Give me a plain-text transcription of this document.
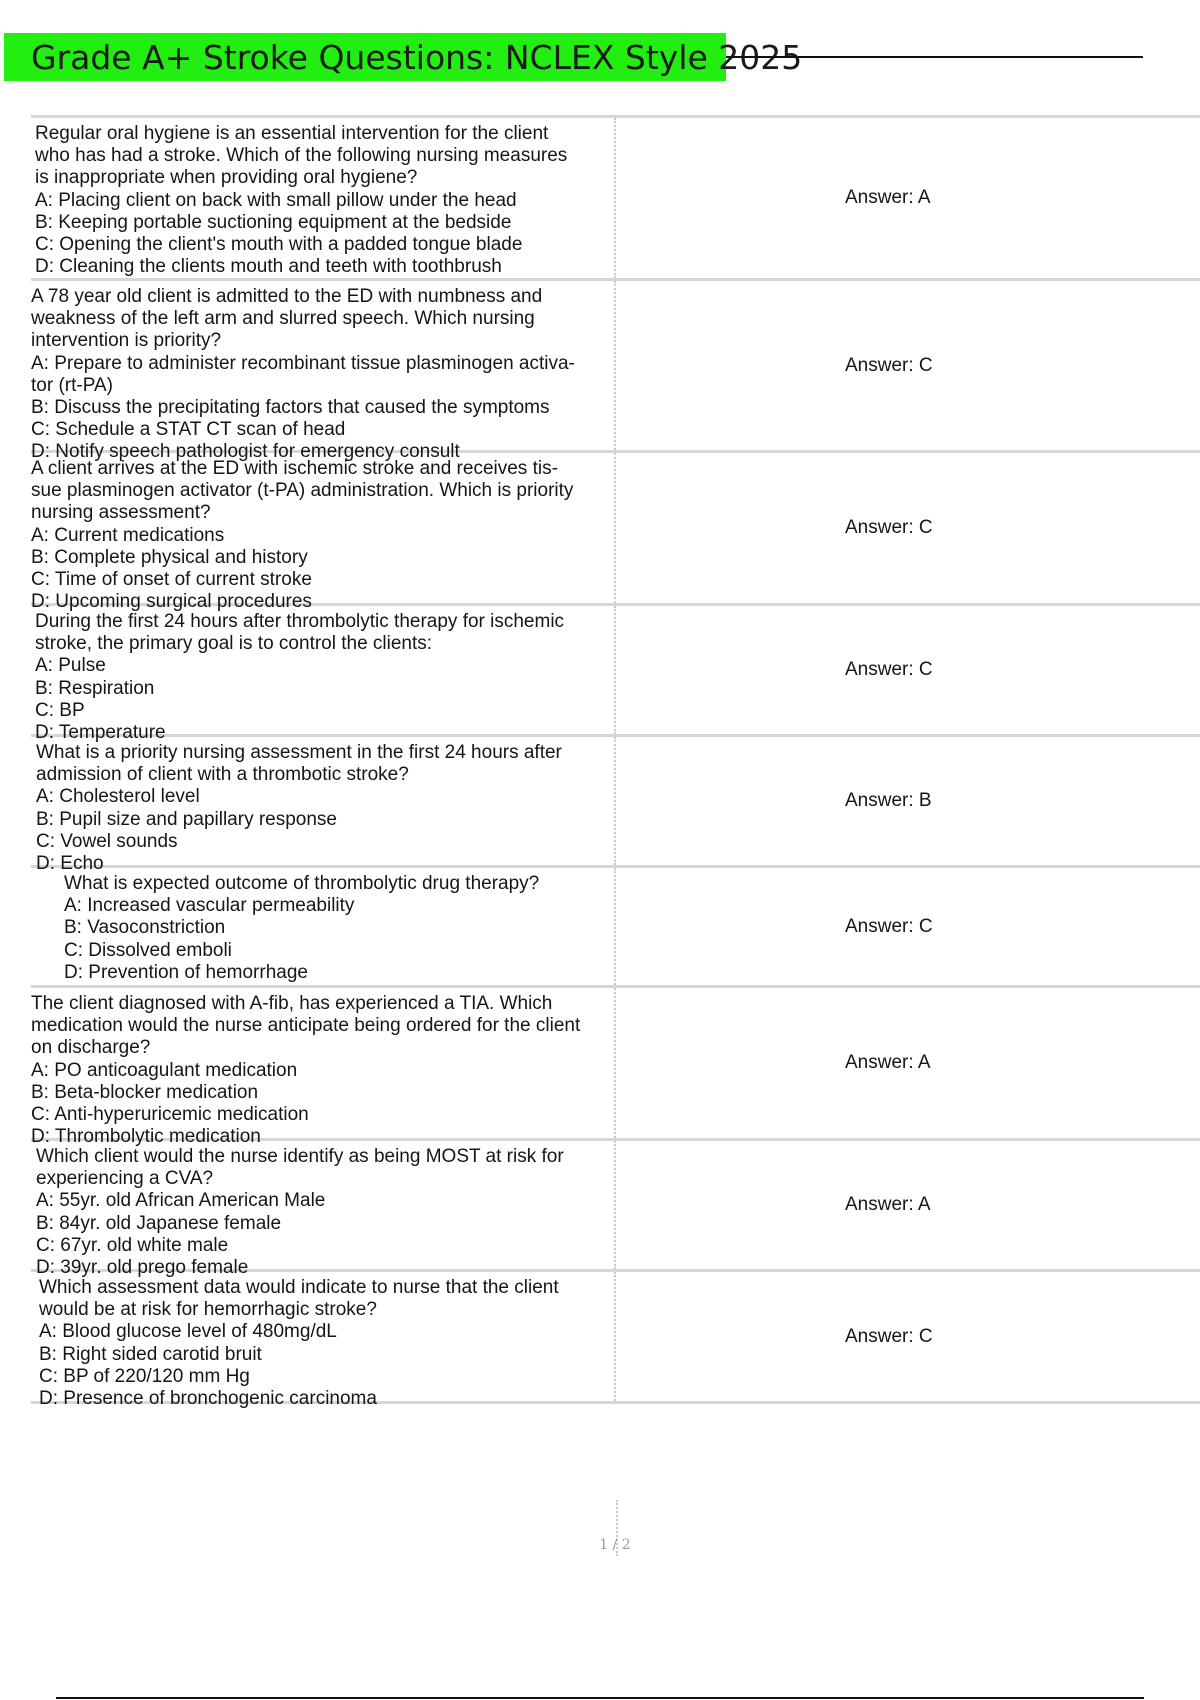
Grade A+ Stroke Questions: NCLEX Style 2025
Regular oral hygiene is an essential intervention for the client
who has had a stroke. Which of the following nursing measures
is inappropriate when providing oral hygiene?
A: Placing client on back with small pillow under the head
B: Keeping portable suctioning equipment at the bedside
C: Opening the client's mouth with a padded tongue blade
D: Cleaning the clients mouth and teeth with toothbrush
Answer: A
A 78 year old client is admitted to the ED with numbness and
weakness of the left arm and slurred speech. Which nursing
intervention is priority?
A: Prepare to administer recombinant tissue plasminogen activa-
tor (rt-PA)
B: Discuss the precipitating factors that caused the symptoms
C: Schedule a STAT CT scan of head
D: Notify speech pathologist for emergency consult
Answer: C
A client arrives at the ED with ischemic stroke and receives tis-
sue plasminogen activator (t-PA) administration. Which is priority
nursing assessment?
A: Current medications
B: Complete physical and history
C: Time of onset of current stroke
D: Upcoming surgical procedures
Answer: C
During the first 24 hours after thrombolytic therapy for ischemic
stroke, the primary goal is to control the clients:
A: Pulse
B: Respiration
C: BP
D: Temperature
Answer: C
What is a priority nursing assessment in the first 24 hours after
admission of client with a thrombotic stroke?
A: Cholesterol level
B: Pupil size and papillary response
C: Vowel sounds
D: Echo
Answer: B
What is expected outcome of thrombolytic drug therapy?
A: Increased vascular permeability
B: Vasoconstriction
C: Dissolved emboli
D: Prevention of hemorrhage
Answer: C
The client diagnosed with A-fib, has experienced a TIA. Which
medication would the nurse anticipate being ordered for the client
on discharge?
A: PO anticoagulant medication
B: Beta-blocker medication
C: Anti-hyperuricemic medication
D: Thrombolytic medication
Answer: A
Which client would the nurse identify as being MOST at risk for
experiencing a CVA?
A: 55yr. old African American Male
B: 84yr. old Japanese female
C: 67yr. old white male
D: 39yr. old prego female
Answer: A
Which assessment data would indicate to nurse that the client
would be at risk for hemorrhagic stroke?
A: Blood glucose level of 480mg/dL
B: Right sided carotid bruit
C: BP of 220/120 mm Hg
D: Presence of bronchogenic carcinoma
Answer: C
1 / 2
